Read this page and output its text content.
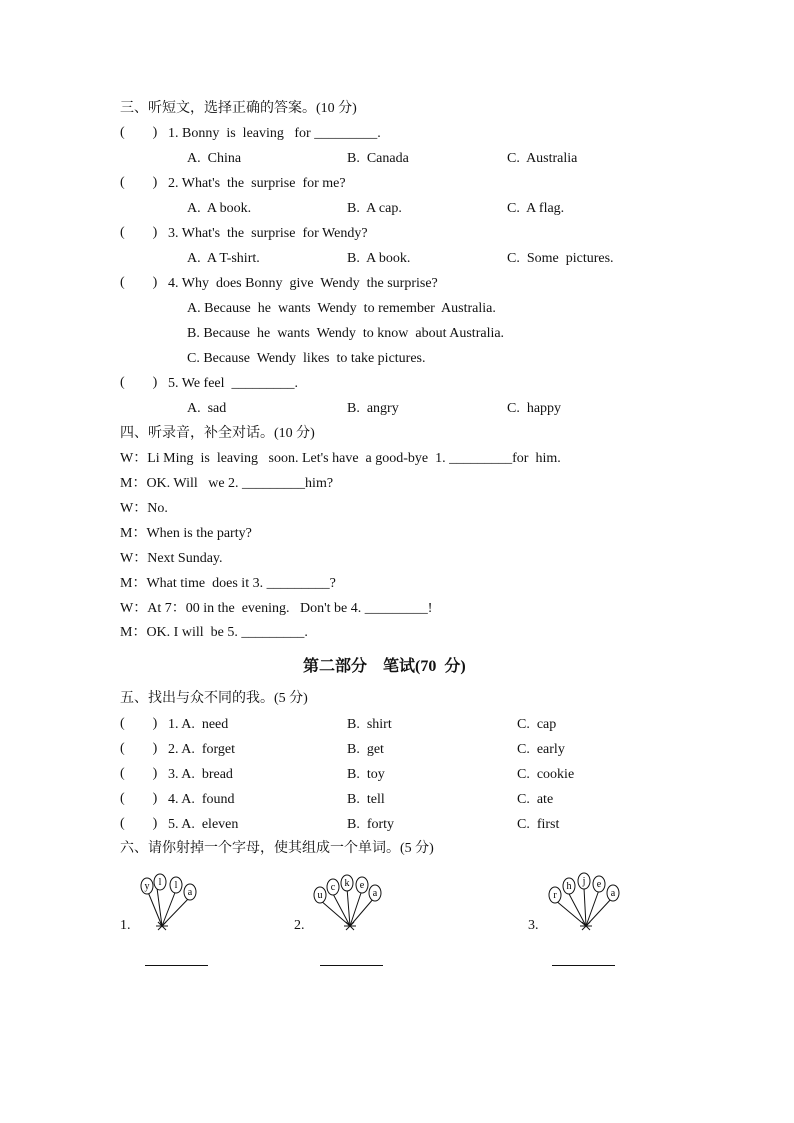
三、听短文，选择正确的答案。(10 分)
(        ) 1. Bonny  is  leaving   for _________.
A.  China	B.  Canada	C.  Australia
(        ) 2. What's  the  surprise  for me?
A.  A book.	B.  A cap.	C.  A flag.
(        ) 3. What's  the  surprise  for Wendy?
A.  A T-shirt.	B.  A book.	C.  Some  pictures.
(        ) 4. Why  does Bonny  give  Wendy  the surprise?
A. Because  he  wants  Wendy  to remember  Australia.
B. Because  he  wants  Wendy  to know  about Australia.
C. Because  Wendy  likes  to take pictures.
(        ) 5. We feel  _________.
A.  sad	B.  angry	C.  happy
四、听录音，补全对话。(10 分)
W：Li Ming  is  leaving   soon. Let's have  a good-bye  1. _________for  him.
M：OK. Will   we 2. _________him?
W：No.
M：When is the party?
W：Next Sunday.
M：What time  does it 3. _________?
W：At 7：00 in the  evening.   Don't be 4. _________!
M：OK. I will  be 5. _________.
第二部分    笔试(70  分)
五、找出与众不同的我。(5 分)
(        ) 1. A.  need	B.  shirt	C.  cap
(        ) 2. A.  forget	B.  get	C.  early
(        ) 3. A.  bread	B.  toy	C.  cookie
(        ) 4. A.  found	B.  tell	C.  ate
(        ) 5. A.  eleven	B.  forty	C.  first
六、请你射掉一个字母，使其组成一个单词。(5 分)
1.
y l l
a
2.
u
c k e
a
3.
r
h j e
a
